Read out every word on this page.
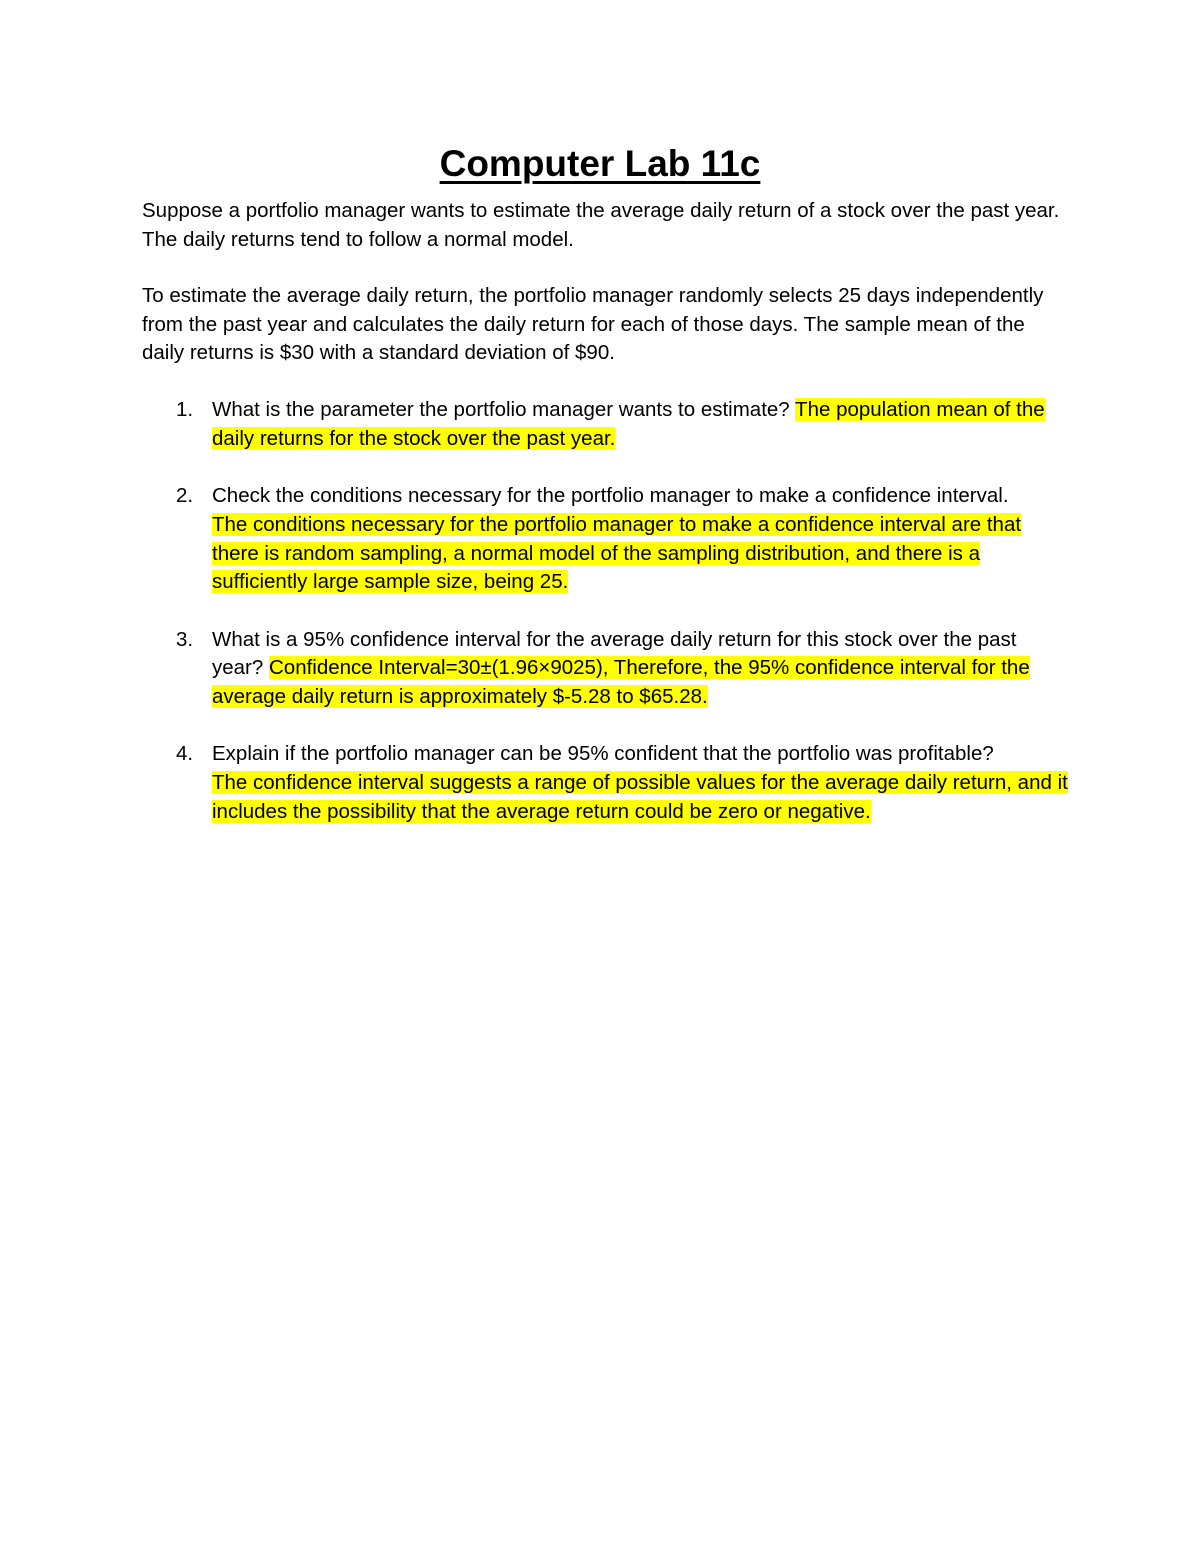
Computer Lab 11c

Suppose a portfolio manager wants to estimate the average daily return of a stock over the past year. The daily returns tend to follow a normal model.

To estimate the average daily return, the portfolio manager randomly selects 25 days independently from the past year and calculates the daily return for each of those days. The sample mean of the daily returns is $30 with a standard deviation of $90.

1. What is the parameter the portfolio manager wants to estimate? The population mean of the daily returns for the stock over the past year.
2. Check the conditions necessary for the portfolio manager to make a confidence interval.
The conditions necessary for the portfolio manager to make a confidence interval are that there is random sampling, a normal model of the sampling distribution, and there is a sufficiently large sample size, being 25.
3. What is a 95% confidence interval for the average daily return for this stock over the past year? Confidence Interval=30±(1.96×9025), Therefore, the 95% confidence interval for the average daily return is approximately $-5.28 to $65.28.
4. Explain if the portfolio manager can be 95% confident that the portfolio was profitable?
The confidence interval suggests a range of possible values for the average daily return, and it includes the possibility that the average return could be zero or negative.
